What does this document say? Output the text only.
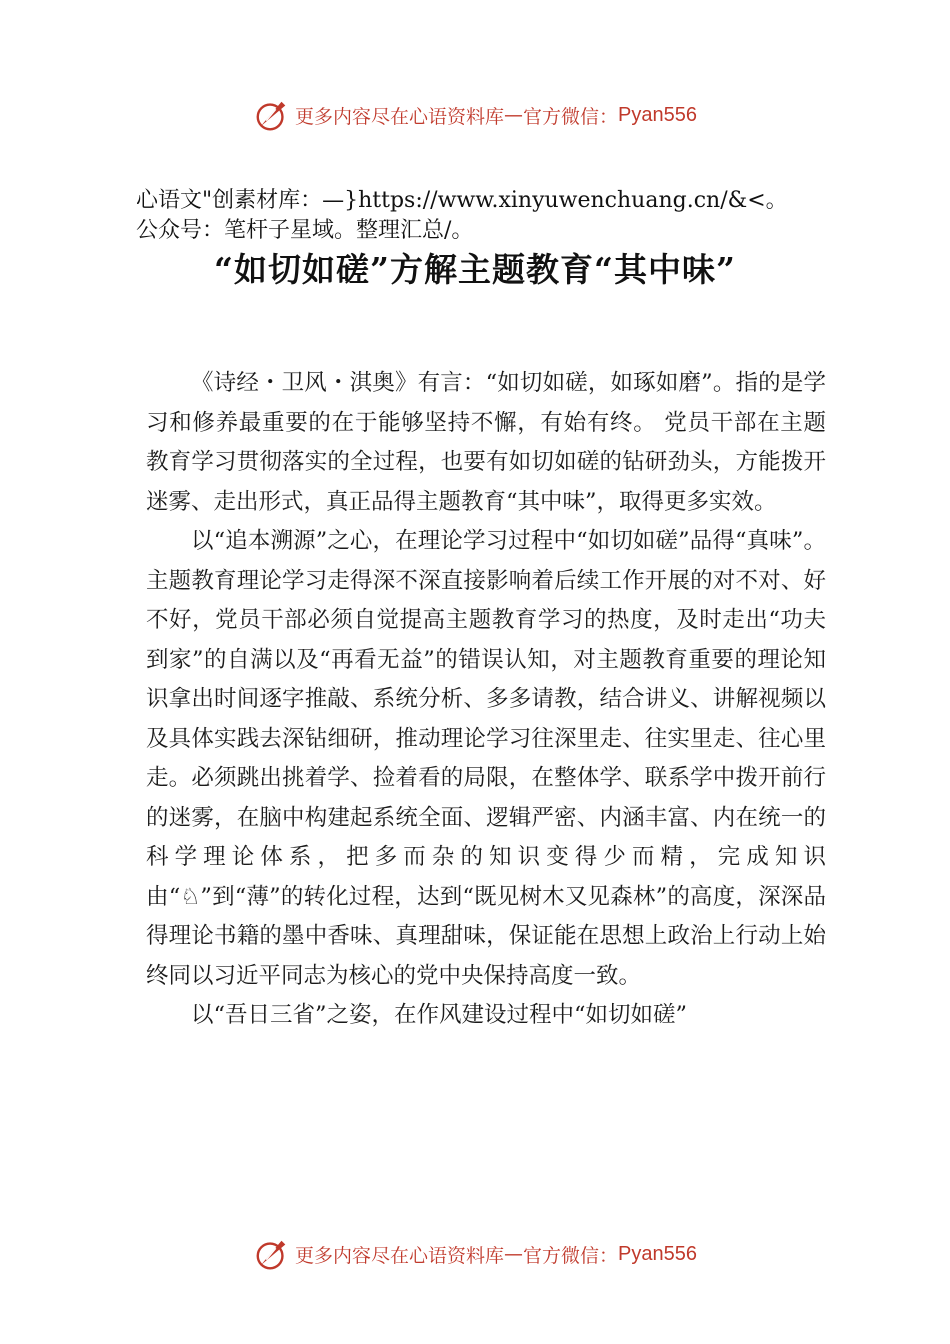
更多内容尽在心语资料库 — 官方微信： Pyan556
心语文"创素材库：—}https://www.xinyuwenchuang.cn/&<。
公众号：笔杆子星域。整理汇总/。
“如切如磋”方解主题教育“其中味”

《诗经・卫风・淇奥》有言：“如切如磋，如琢如磨”。指的是学习和修养最重要的在于能够坚持不懈，有始有终。 党员干部在主题教育学习贯彻落实的全过程，也要有如切如磋的钻研劲头，方能拨开迷雾、走出形式，真正品得主题教育“其中味”，取得更多实效。

以“追本溯源”之心，在理论学习过程中“如切如磋”品得“真味”。主题教育理论学习走得深不深直接影响着后续工作开展的对不对、好不好，党员干部必须自觉提高主题教育学习的热度，及时走出“功夫到家”的自满以及“再看无益”的错误认知，对主题教育重要的理论知识拿出时间逐字推敲、系统分析、多多请教，结合讲义、讲解视频以及具体实践去深钻细研，推动理论学习往深里走、往实里走、往心里走。必须跳出挑着学、捡着看的局限，在整体学、联系学中拨开前行的迷雾，在脑中构建起系统全面、逻辑严密、内涵丰富、内在统一的科学理论体系，把多而杂的知识变得少而精，完成知识由“♘”到“薄”的转化过程，达到“既见树木又见森林”的高度，深深品得理论书籍的墨中香味、真理甜味，保证能在思想上政治上行动上始终同以习近平同志为核心的党中央保持高度一致。

以“吾日三省”之姿，在作风建设过程中“如切如磋”

更多内容尽在心语资料库 — 官方微信： Pyan556
